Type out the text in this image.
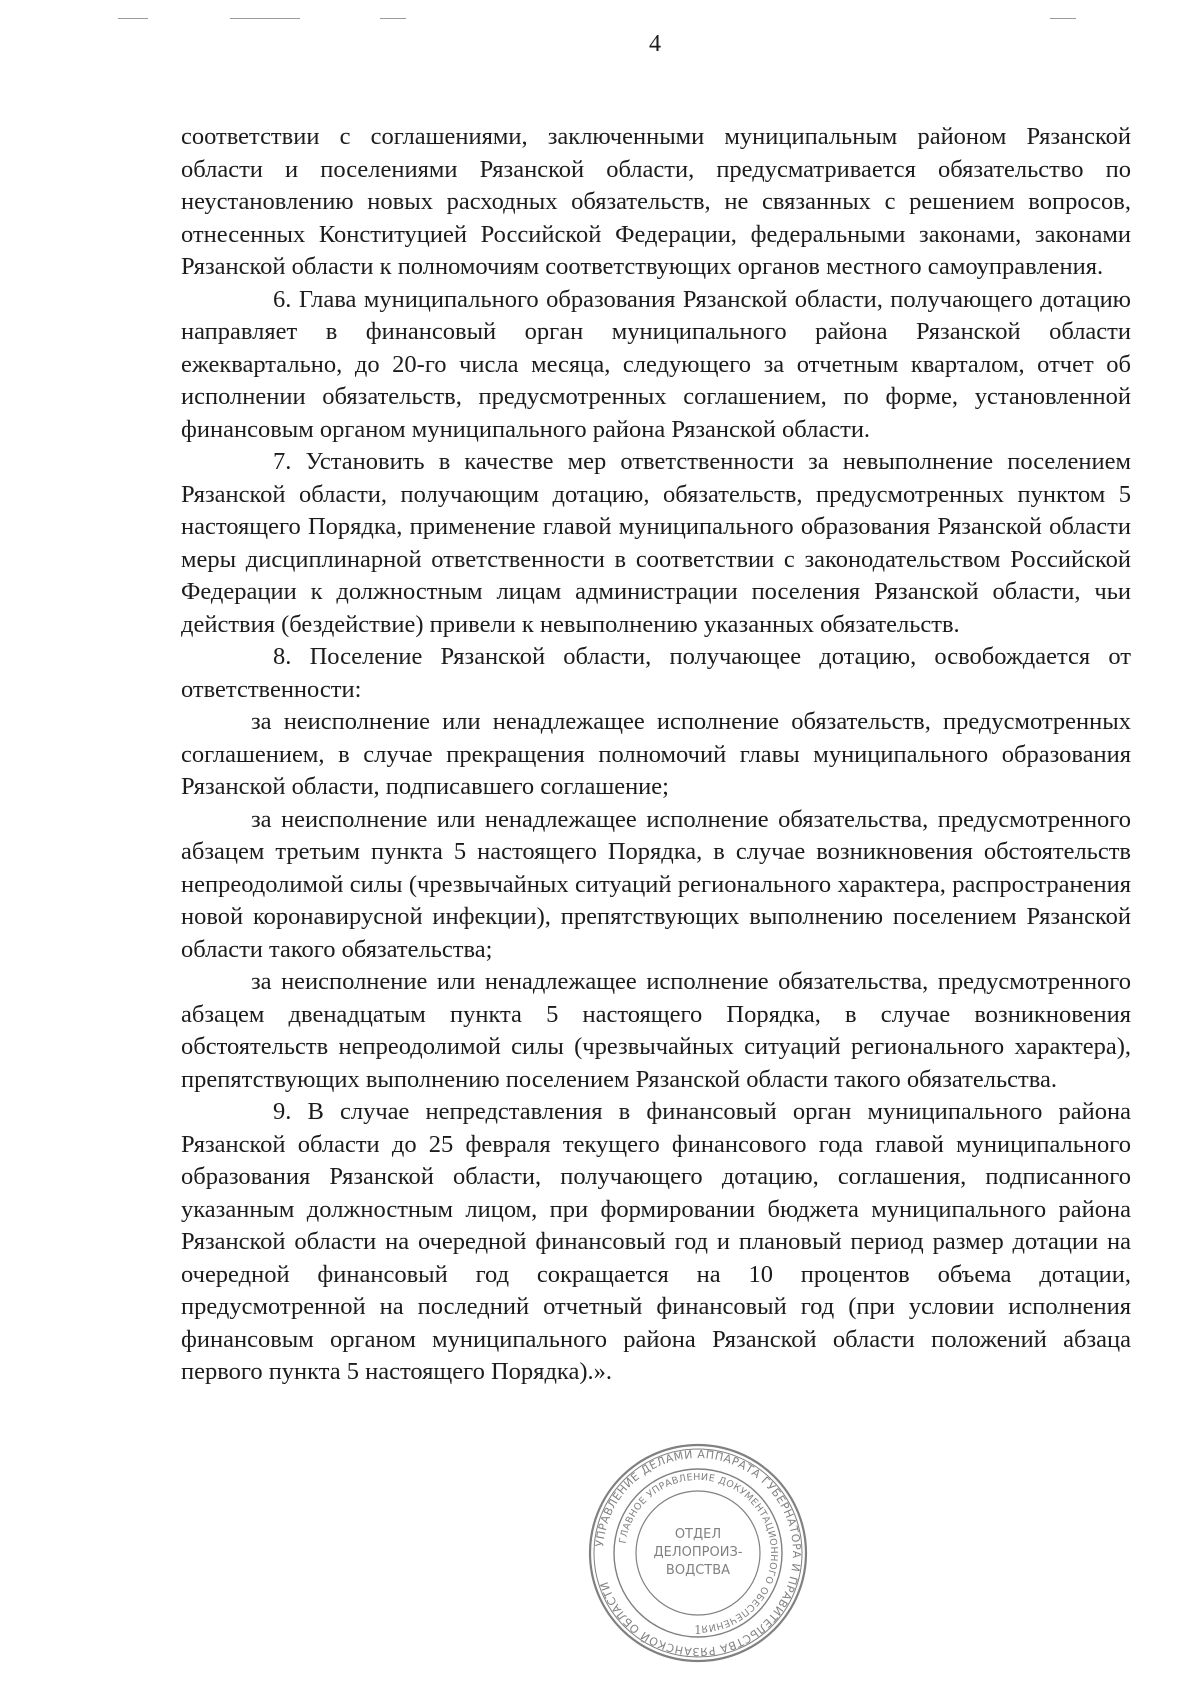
4

соответствии с соглашениями, заключенными муниципальным районом Рязанской области и поселениями Рязанской области, предусматривается обязательство по неустановлению новых расходных обязательств, не связанных с решением вопросов, отнесенных Конституцией Российской Федерации, федеральными законами, законами Рязанской области к полномочиям соответствующих органов местного самоуправления.

6. Глава муниципального образования Рязанской области, получающего дотацию направляет в финансовый орган муниципального района Рязанской области ежеквартально, до 20-го числа месяца, следующего за отчетным кварталом, отчет об исполнении обязательств, предусмотренных соглашением, по форме, установленной финансовым органом муниципального района Рязанской области.

7. Установить в качестве мер ответственности за невыполнение поселением Рязанской области, получающим дотацию, обязательств, предусмотренных пунктом 5 настоящего Порядка, применение главой муниципального образования Рязанской области меры дисциплинарной ответственности в соответствии с законодательством Российской Федерации к должностным лицам администрации поселения Рязанской области, чьи действия (бездействие) привели к невыполнению указанных обязательств.

8. Поселение Рязанской области, получающее дотацию, освобождается от ответственности:

за неисполнение или ненадлежащее исполнение обязательств, предусмотренных соглашением, в случае прекращения полномочий главы муниципального образования Рязанской области, подписавшего соглашение;

за неисполнение или ненадлежащее исполнение обязательства, предусмотренного абзацем третьим пункта 5 настоящего Порядка, в случае возникновения обстоятельств непреодолимой силы (чрезвычайных ситуаций регионального характера, распространения новой коронавирусной инфекции), препятствующих выполнению поселением Рязанской области такого обязательства;

за неисполнение или ненадлежащее исполнение обязательства, предусмотренного абзацем двенадцатым пункта 5 настоящего Порядка, в случае возникновения обстоятельств непреодолимой силы (чрезвычайных ситуаций регионального характера), препятствующих выполнению поселением Рязанской области такого обязательства.

9. В случае непредставления в финансовый орган муниципального района Рязанской области до 25 февраля текущего финансового года главой муниципального образования Рязанской области, получающего дотацию, соглашения, подписанного указанным должностным лицом, при формировании бюджета муниципального района Рязанской области на очередной финансовый год и плановый период размер дотации на очередной финансовый год сокращается на 10 процентов объема дотации, предусмотренной на последний отчетный финансовый год (при условии исполнения финансовым органом муниципального района Рязанской области положений абзаца первого пункта 5 настоящего Порядка).».

УПРАВЛЕНИЕ ДЕЛАМИ АППАРАТА ГУБЕРНАТОРА И ПРАВИТЕЛЬСТВА РЯЗАНСКОЙ ОБЛАСТИ
ГЛАВНОЕ УПРАВЛЕНИЕ ДОКУМЕНТАЦИОННОГО ОБЕСПЕЧЕНИЯ
ОТДЕЛ
ДЕЛОПРОИЗ-
ВОДСТВА
1
